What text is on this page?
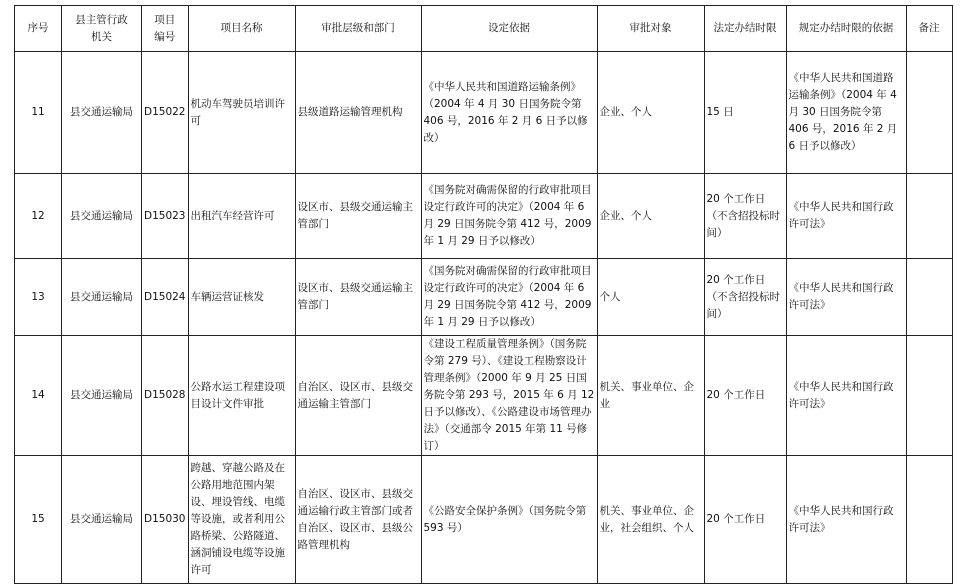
序号	县主管行政机关	项目编号	项目名称	审批层级和部门	设定依据	审批对象	法定办结时限	规定办结时限的依据	备注
11	县交通运输局	D15022	机动车驾驶员培训许可	县级道路运输管理机构	《中华人民共和国道路运输条例》（2004 年 4 月 30 日国务院令第 406 号，2016 年 2 月 6 日予以修改）	企业、个人	15 日	《中华人民共和国道路运输条例》（2004 年 4 月 30 日国务院令第 406 号，2016 年 2 月 6 日予以修改）	
12	县交通运输局	D15023	出租汽车经营许可	设区市、县级交通运输主管部门	《国务院对确需保留的行政审批项目设定行政许可的决定》（2004 年 6 月 29 日国务院令第 412 号，2009 年 1 月 29 日予以修改）	企业、个人	20 个工作日（不含招投标时间）	《中华人民共和国行政许可法》	
13	县交通运输局	D15024	车辆运营证核发	设区市、县级交通运输主管部门	《国务院对确需保留的行政审批项目设定行政许可的决定》（2004 年 6 月 29 日国务院令第 412 号，2009 年 1 月 29 日予以修改）	个人	20 个工作日（不含招投标时间）	《中华人民共和国行政许可法》	
14	县交通运输局	D15028	公路水运工程建设项目设计文件审批	自治区、设区市、县级交通运输主管部门	《建设工程质量管理条例》（国务院令第 279 号）、《建设工程勘察设计管理条例》（2000 年 9 月 25 日国务院令第 293 号，2015 年 6 月 12 日予以修改）、《公路建设市场管理办法》（交通部令 2015 年第 11 号修订）	机关、事业单位、企业	20 个工作日	《中华人民共和国行政许可法》	
15	县交通运输局	D15030	跨越、穿越公路及在公路用地范围内架设、埋设管线、电缆等设施，或者利用公路桥梁、公路隧道、涵洞铺设电缆等设施许可	自治区、设区市、县级交通运输行政主管部门或者自治区、设区市、县级公路管理机构	《公路安全保护条例》（国务院令第 593 号）	机关、事业单位、企业，社会组织、个人	20 个工作日	《中华人民共和国行政许可法》	
